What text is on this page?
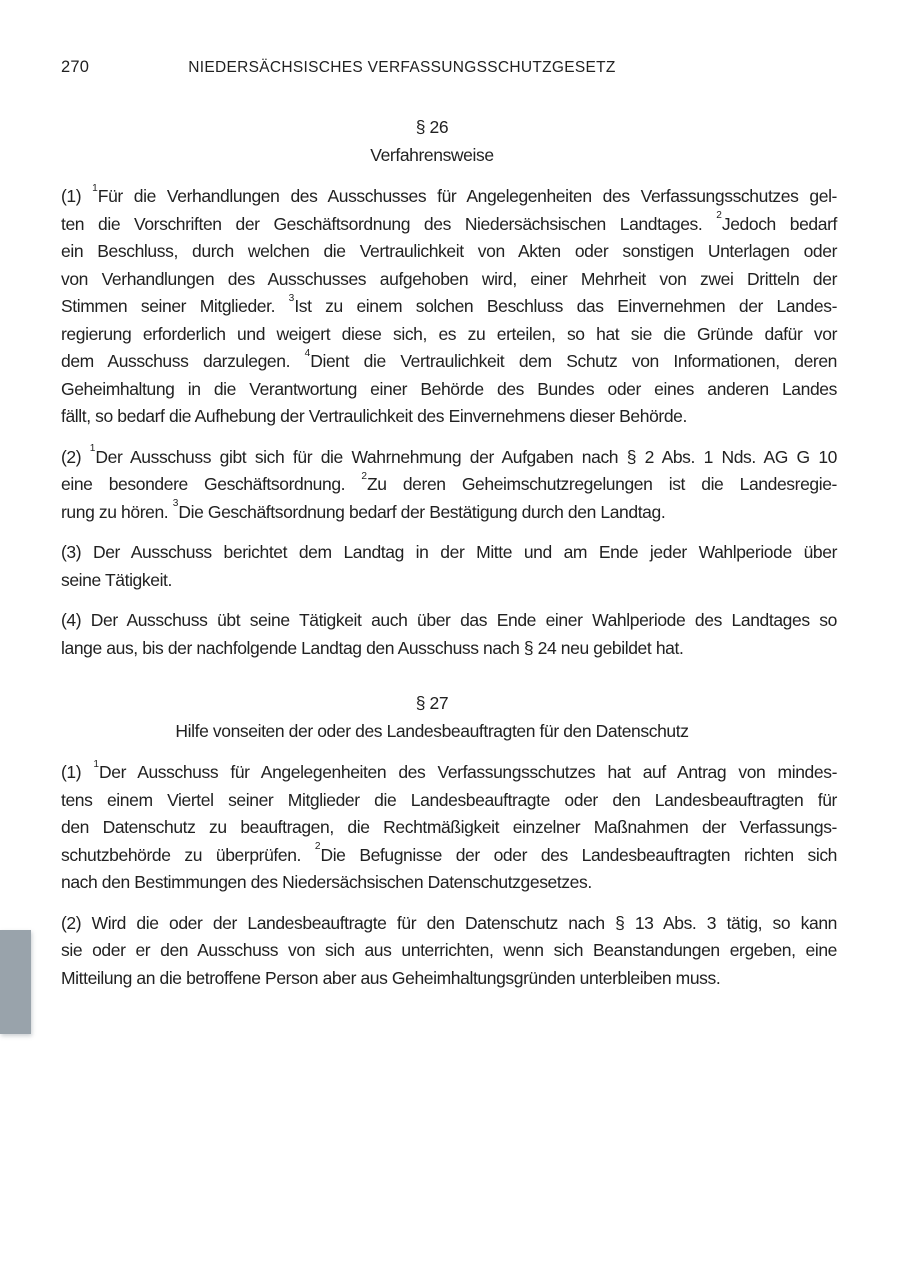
270	NIEDERSÄCHSISCHES VERFASSUNGSSCHUTZGESETZ
§ 26
Verfahrensweise
(1) $^1$Für die Verhandlungen des Ausschusses für Angelegenheiten des Verfassungsschutzes gel-
ten die Vorschriften der Geschäftsordnung des Niedersächsischen Landtages. $^2$Jedoch bedarf
ein Beschluss, durch welchen die Vertraulichkeit von Akten oder sonstigen Unterlagen oder
von Verhandlungen des Ausschusses aufgehoben wird, einer Mehrheit von zwei Dritteln der
Stimmen seiner Mitglieder. $^3$Ist zu einem solchen Beschluss das Einvernehmen der Landes-
regierung erforderlich und weigert diese sich, es zu erteilen, so hat sie die Gründe dafür vor
dem Ausschuss darzulegen. $^4$Dient die Vertraulichkeit dem Schutz von Informationen, deren
Geheimhaltung in die Verantwortung einer Behörde des Bundes oder eines anderen Landes
fällt, so bedarf die Aufhebung der Vertraulichkeit des Einvernehmens dieser Behörde.
(2) $^1$Der Ausschuss gibt sich für die Wahrnehmung der Aufgaben nach § 2 Abs. 1 Nds. AG G 10
eine besondere Geschäftsordnung. $^2$Zu deren Geheimschutzregelungen ist die Landesregie-
rung zu hören. $^3$Die Geschäftsordnung bedarf der Bestätigung durch den Landtag.
(3) Der Ausschuss berichtet dem Landtag in der Mitte und am Ende jeder Wahlperiode über
seine Tätigkeit.
(4) Der Ausschuss übt seine Tätigkeit auch über das Ende einer Wahlperiode des Landtages so
lange aus, bis der nachfolgende Landtag den Ausschuss nach § 24 neu gebildet hat.
§ 27
Hilfe vonseiten der oder des Landesbeauftragten für den Datenschutz
(1) $^1$Der Ausschuss für Angelegenheiten des Verfassungsschutzes hat auf Antrag von mindes-
tens einem Viertel seiner Mitglieder die Landesbeauftragte oder den Landesbeauftragten für
den Datenschutz zu beauftragen, die Rechtmäßigkeit einzelner Maßnahmen der Verfassungs-
schutzbehörde zu überprüfen. $^2$Die Befugnisse der oder des Landesbeauftragten richten sich
nach den Bestimmungen des Niedersächsischen Datenschutzgesetzes.
(2) Wird die oder der Landesbeauftragte für den Datenschutz nach § 13 Abs. 3 tätig, so kann
sie oder er den Ausschuss von sich aus unterrichten, wenn sich Beanstandungen ergeben, eine
Mitteilung an die betroffene Person aber aus Geheimhaltungsgründen unterbleiben muss.
